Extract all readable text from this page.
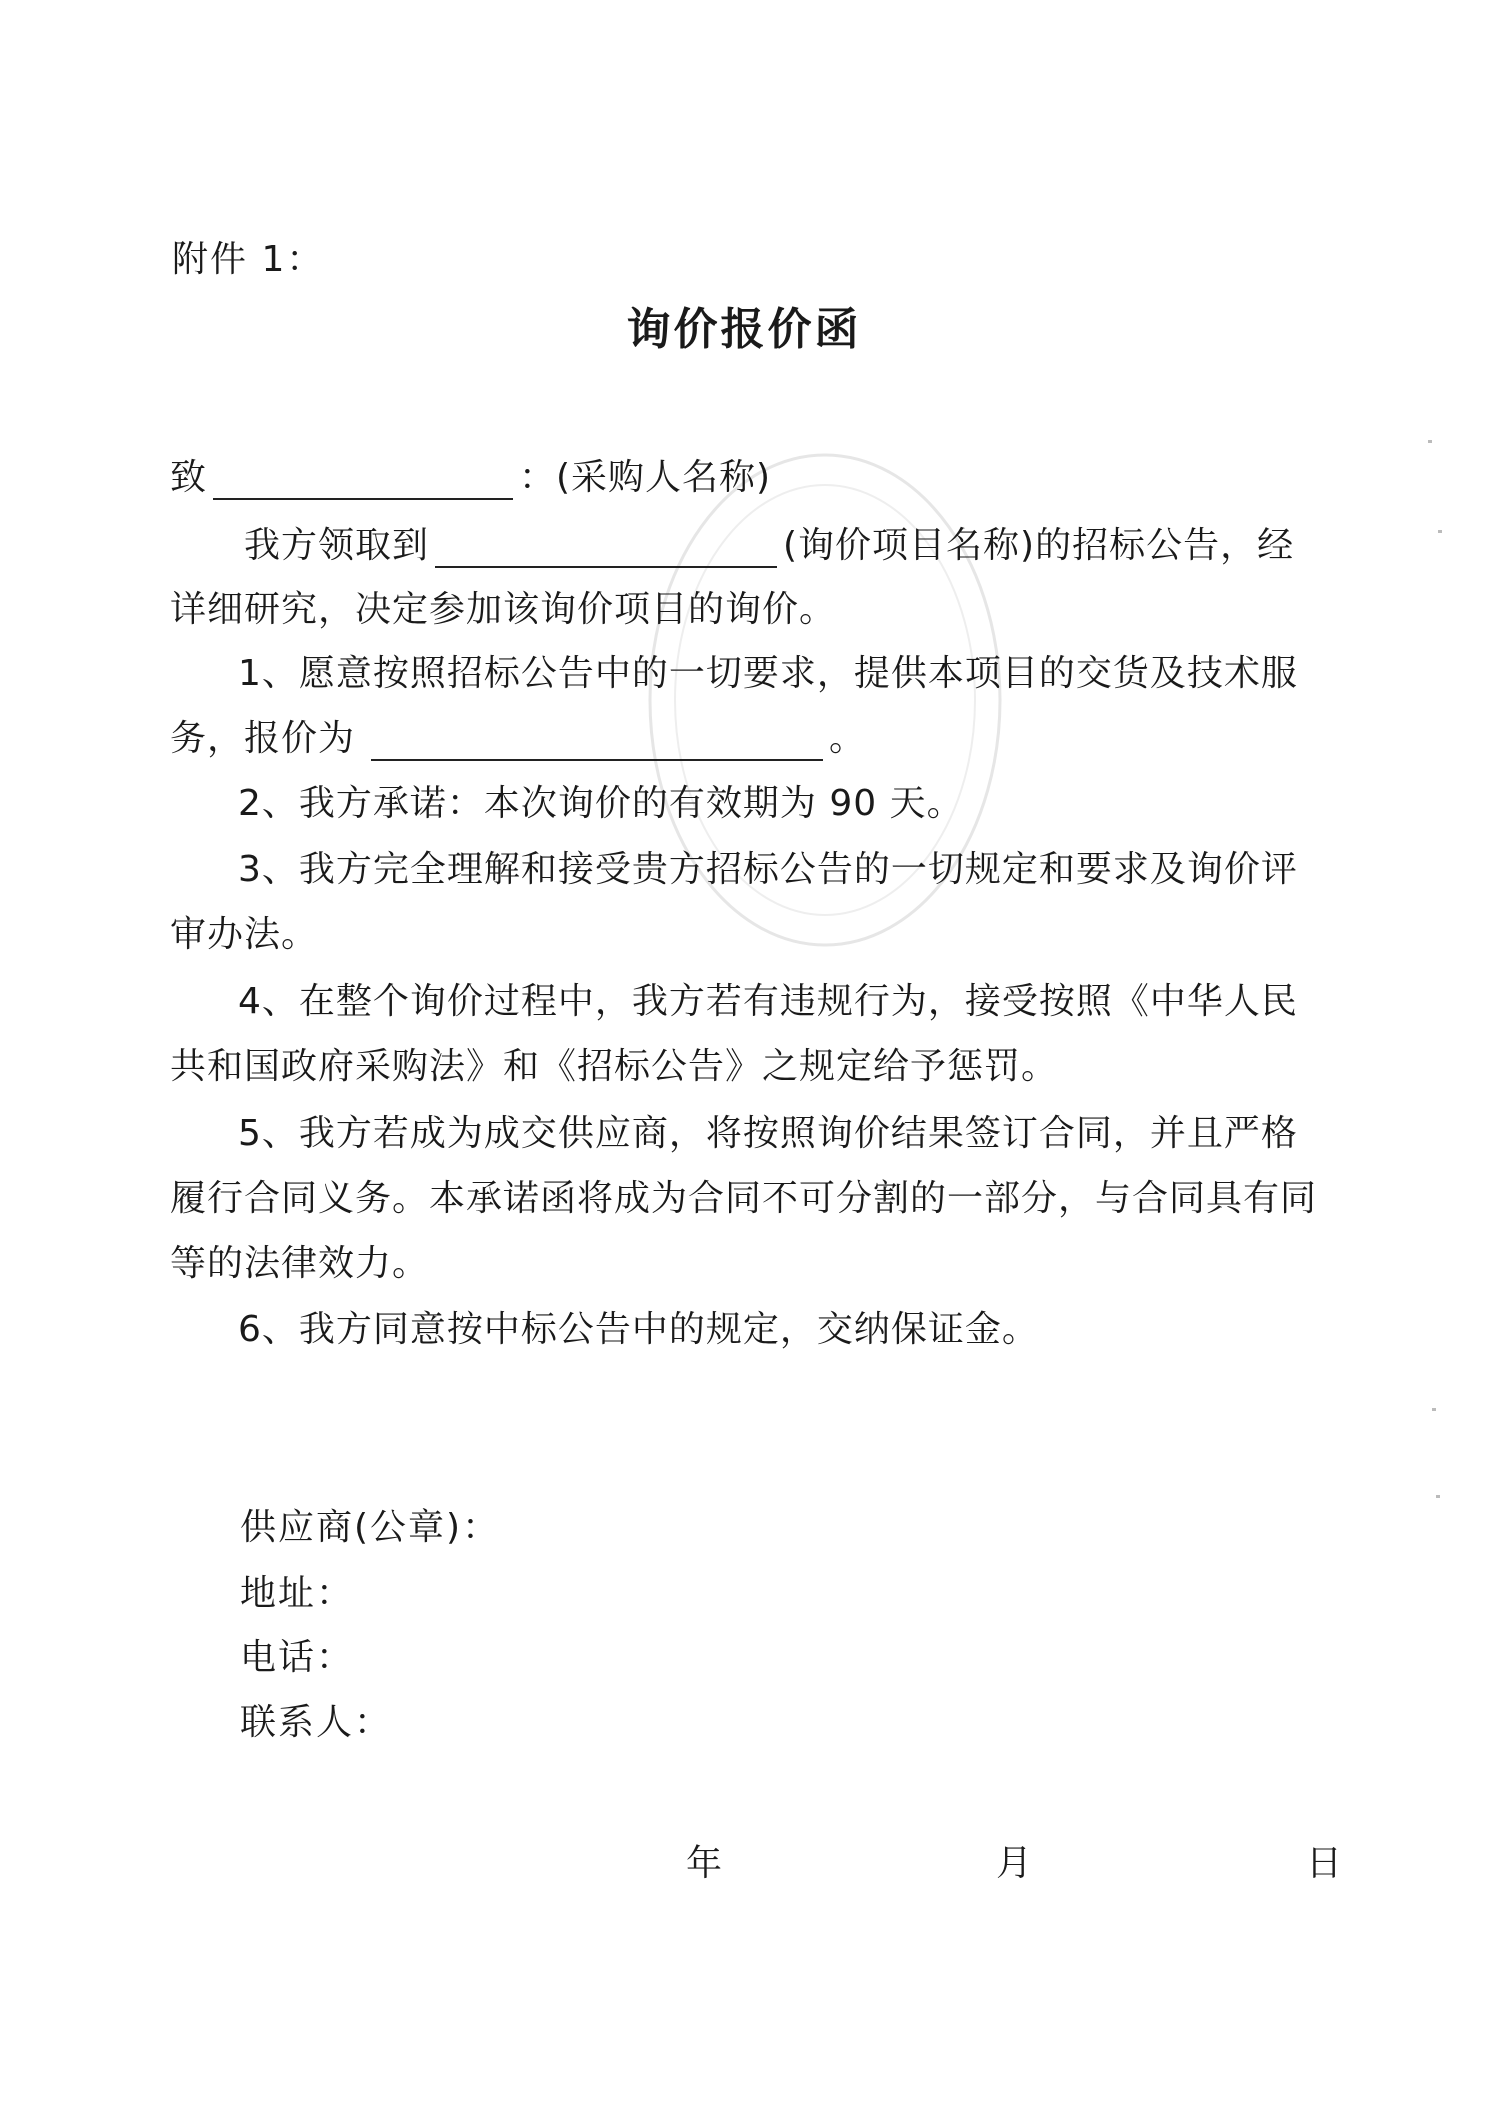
附件 1：
询价报价函
致	：(采购人名称)
我方领取到	(询价项目名称)的招标公告，经
详细研究，决定参加该询价项目的询价。
1、愿意按照招标公告中的一切要求，提供本项目的交货及技术服
务，报价为	。
2、我方承诺：本次询价的有效期为 90 天。
3、我方完全理解和接受贵方招标公告的一切规定和要求及询价评
审办法。
4、在整个询价过程中，我方若有违规行为，接受按照《中华人民
共和国政府采购法》和《招标公告》之规定给予惩罚。
5、我方若成为成交供应商，将按照询价结果签订合同，并且严格
履行合同义务。本承诺函将成为合同不可分割的一部分，与合同具有同
等的法律效力。
6、我方同意按中标公告中的规定，交纳保证金。
供应商(公章)：
地址：
电话：
联系人：
年	月	日
